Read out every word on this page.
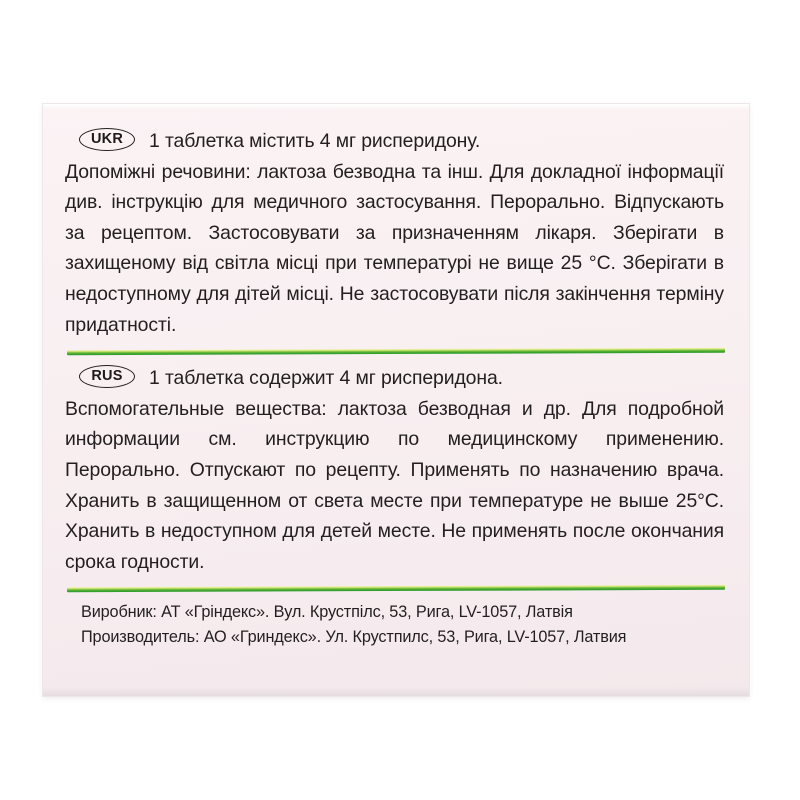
UKR	1 таблетка містить 4 мг рисперидону.
Допоміжні речовини: лактоза безводна та інш. Для докладної інформації див. інструкцію для медичного застосування. Перорально. Відпускають за рецептом. Застосовувати за призначенням лікаря. Зберігати в захищеному від світла місці при температурі не вище 25 °C. Зберігати в недоступному для дітей місці. Не застосовувати після закінчення терміну придатності.

RUS	1 таблетка содержит 4 мг рисперидона.
Вспомогательные вещества: лактоза безводная и др. Для подробной информации см. инструкцию по медицинскому применению. Перорально. Отпускают по рецепту. Применять по назначению врача. Хранить в защищенном от света месте при температуре не выше 25°C. Хранить в недоступном для детей месте. Не применять после окончания срока годности.

Виробник: АТ «Гріндекс». Вул. Крустпілс, 53, Рига, LV-1057, Латвія

Производитель: АО «Гриндекс». Ул. Крустпилс, 53, Рига, LV-1057, Латвия
